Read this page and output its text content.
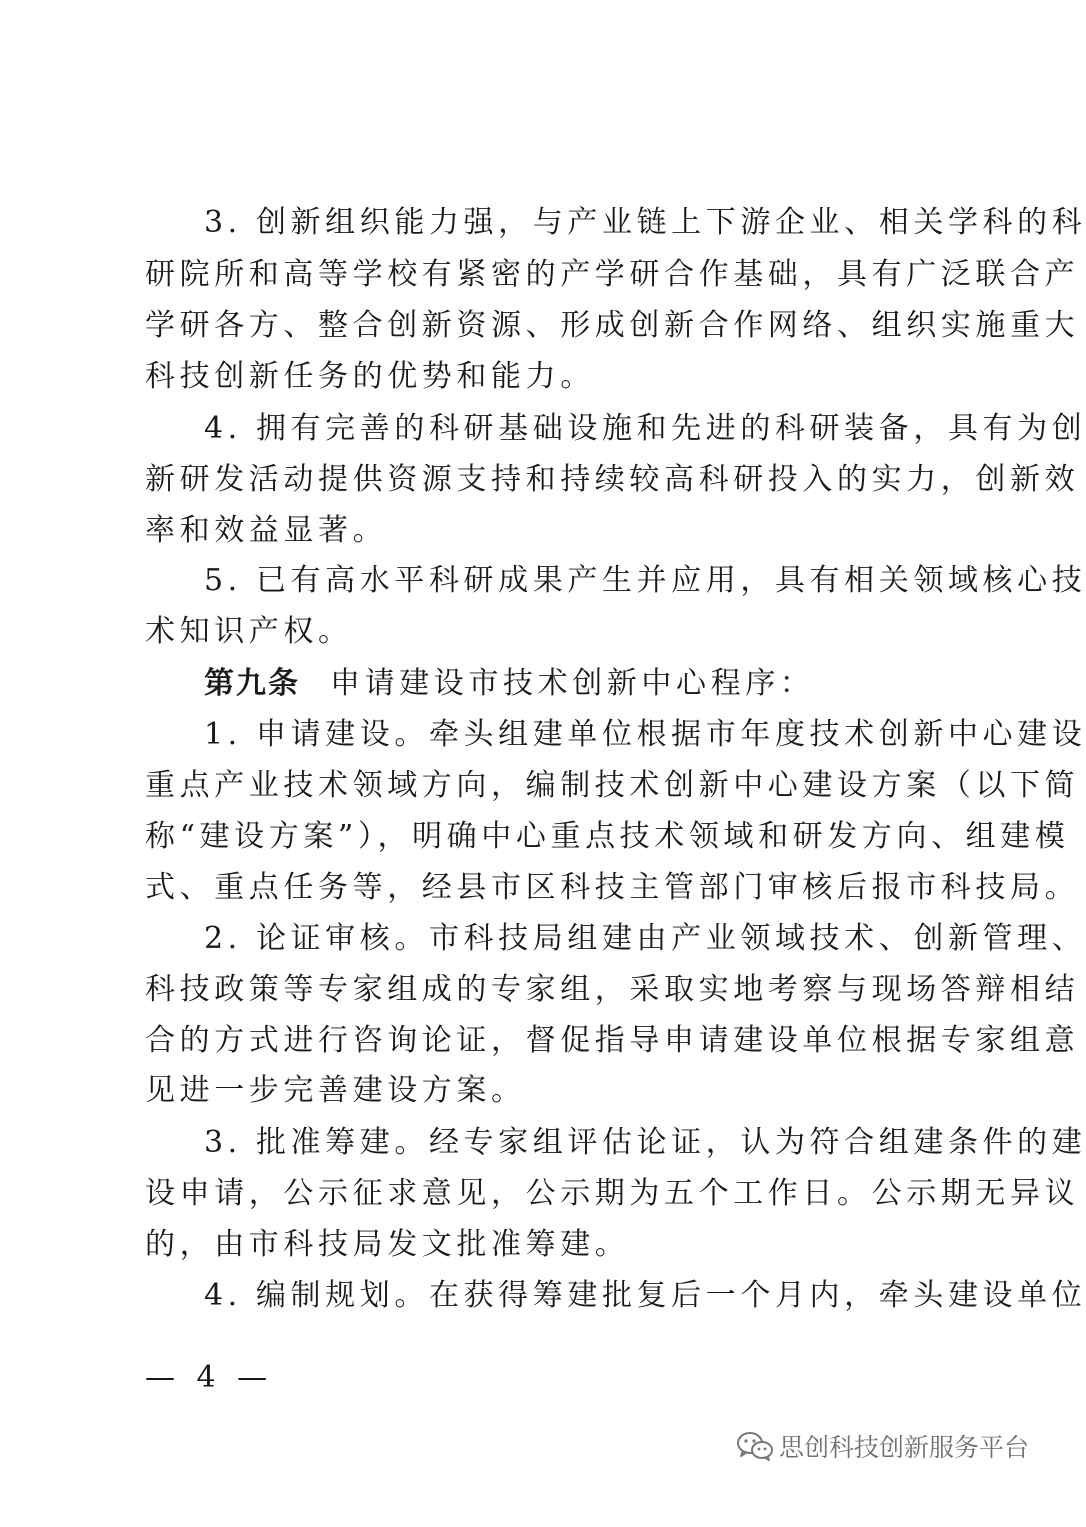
3. 创新组织能力强，与产业链上下游企业、相关学科的科
研院所和高等学校有紧密的产学研合作基础，具有广泛联合产
学研各方、整合创新资源、形成创新合作网络、组织实施重大
科技创新任务的优势和能力。
4. 拥有完善的科研基础设施和先进的科研装备，具有为创
新研发活动提供资源支持和持续较高科研投入的实力，创新效
率和效益显著。
5. 已有高水平科研成果产生并应用，具有相关领域核心技
术知识产权。
第九条 申请建设市技术创新中心程序：
1. 申请建设。牵头组建单位根据市年度技术创新中心建设
重点产业技术领域方向，编制技术创新中心建设方案（以下简
称“建设方案”），明确中心重点技术领域和研发方向、组建模
式、重点任务等，经县市区科技主管部门审核后报市科技局。
2. 论证审核。市科技局组建由产业领域技术、创新管理、
科技政策等专家组成的专家组，采取实地考察与现场答辩相结
合的方式进行咨询论证，督促指导申请建设单位根据专家组意
见进一步完善建设方案。
3. 批准筹建。经专家组评估论证，认为符合组建条件的建
设申请，公示征求意见，公示期为五个工作日。公示期无异议
的，由市科技局发文批准筹建。
4. 编制规划。在获得筹建批复后一个月内，牵头建设单位
— 4 —
思创科技创新服务平台
